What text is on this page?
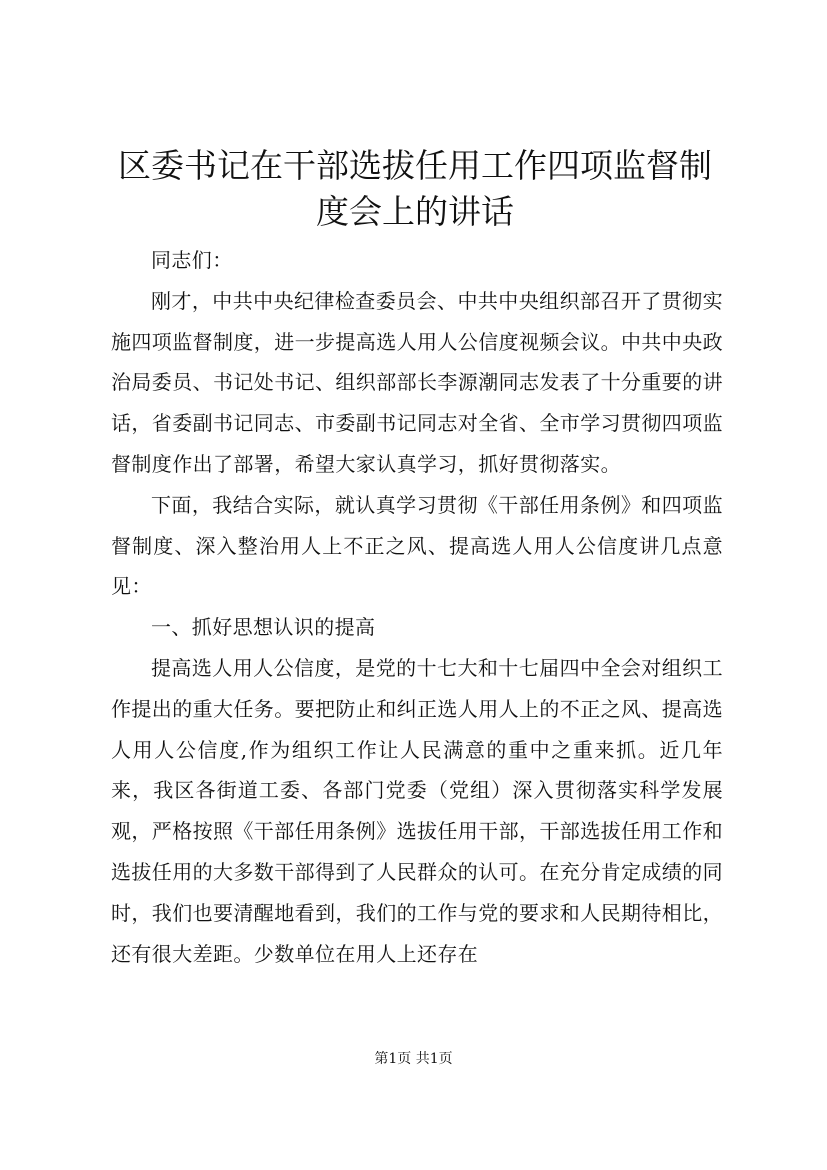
区委书记在干部选拔任用工作四项监督制度会上的讲话

同志们：

刚才，中共中央纪律检查委员会、中共中央组织部召开了贯彻实施四项监督制度，进一步提高选人用人公信度视频会议。中共中央政治局委员、书记处书记、组织部部长李源潮同志发表了十分重要的讲话，省委副书记同志、市委副书记同志对全省、全市学习贯彻四项监督制度作出了部署，希望大家认真学习，抓好贯彻落实。

下面，我结合实际，就认真学习贯彻《干部任用条例》和四项监督制度、深入整治用人上不正之风、提高选人用人公信度讲几点意见：

一、抓好思想认识的提高

提高选人用人公信度，是党的十七大和十七届四中全会对组织工作提出的重大任务。要把防止和纠正选人用人上的不正之风、提高选人用人公信度,作为组织工作让人民满意的重中之重来抓。近几年来，我区各街道工委、各部门党委（党组）深入贯彻落实科学发展观，严格按照《干部任用条例》选拔任用干部，干部选拔任用工作和选拔任用的大多数干部得到了人民群众的认可。在充分肯定成绩的同时，我们也要清醒地看到，我们的工作与党的要求和人民期待相比，还有很大差距。少数单位在用人上还存在

第1页 共1页
